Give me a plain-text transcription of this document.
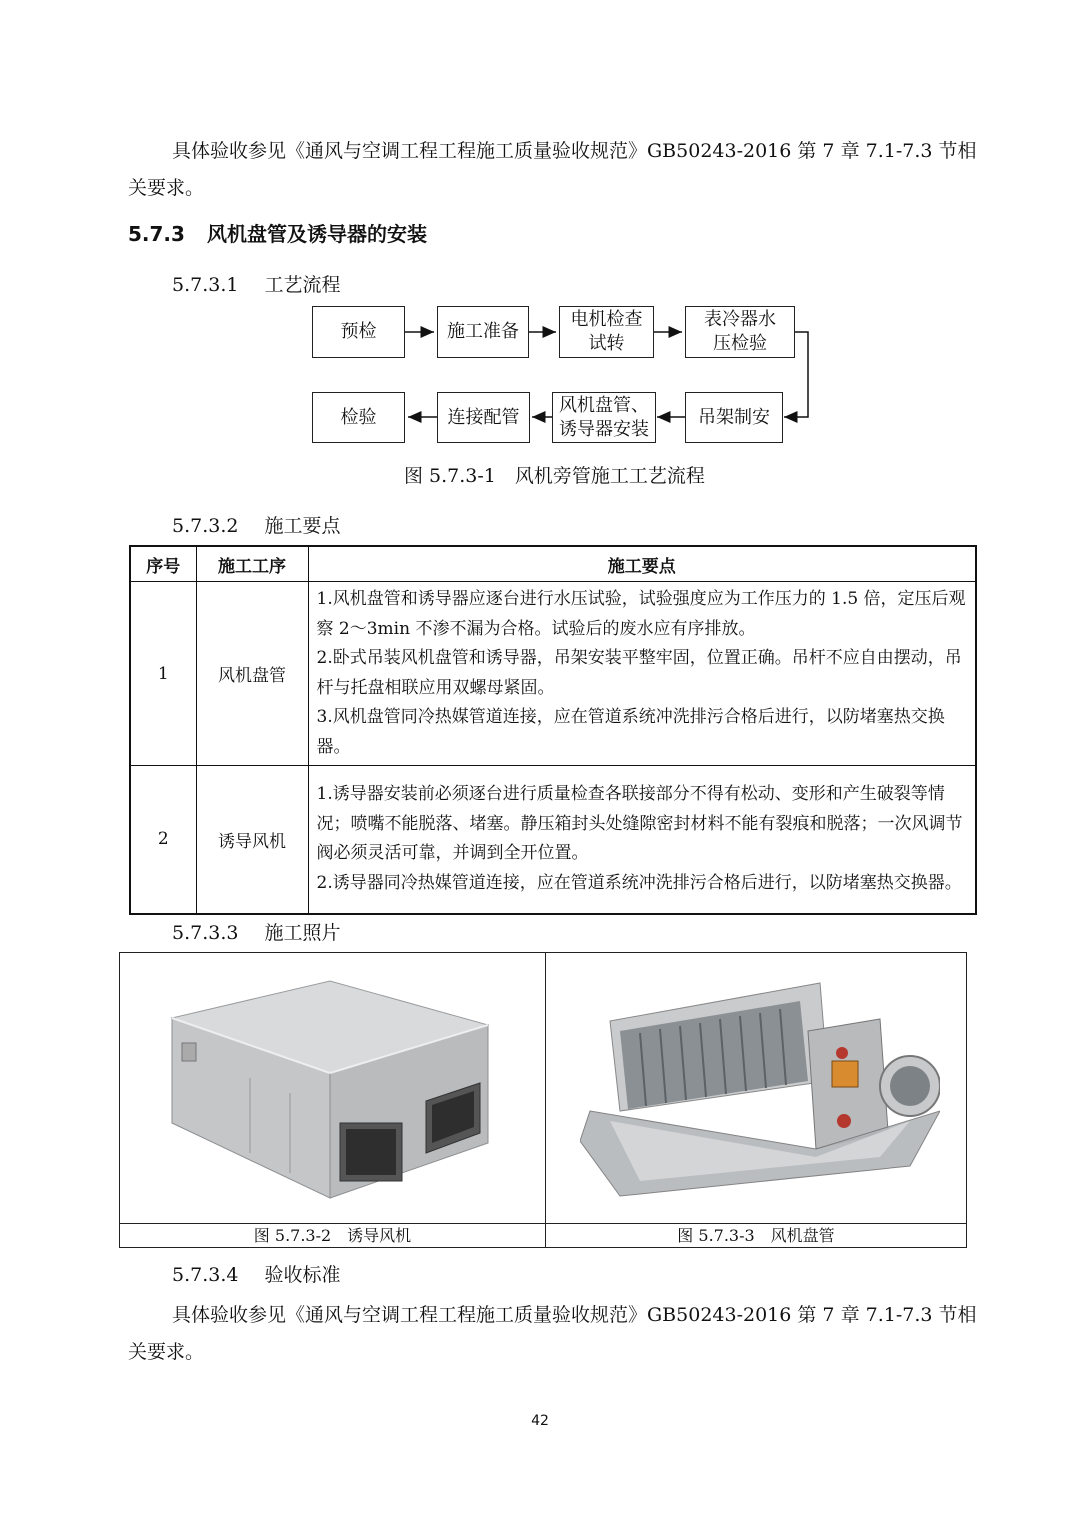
具体验收参见《通风与空调工程工程施工质量验收规范》GB50243-2016 第 7 章 7.1-7.3 节相关要求。
5.7.3 风机盘管及诱导器的安装
5.7.3.1 工艺流程
预检	施工准备
电机检查试转
表冷器水压检验
检验	连接配管
风机盘管、诱导器安装
吊架制安
图 5.7.3-1　风机旁管施工工艺流程
5.7.3.2 施工要点
序号	施工工序	施工要点
1	风机盘管	1.风机盘管和诱导器应逐台进行水压试验，试验强度应为工作压力的 1.5 倍，定压后观察 2～3min 不渗不漏为合格。试验后的废水应有序排放。

2.卧式吊装风机盘管和诱导器，吊架安装平整牢固，位置正确。吊杆不应自由摆动，吊杆与托盘相联应用双螺母紧固。

3.风机盘管同冷热媒管道连接，应在管道系统冲洗排污合格后进行，以防堵塞热交换器。

2	诱导风机	1.诱导器安装前必须逐台进行质量检查各联接部分不得有松动、变形和产生破裂等情况；喷嘴不能脱落、堵塞。静压箱封头处缝隙密封材料不能有裂痕和脱落；一次风调节阀必须灵活可靠，并调到全开位置。

2.诱导器同冷热媒管道连接，应在管道系统冲洗排污合格后进行，以防堵塞热交换器。

5.7.3.3 施工照片
图 5.7.3-2　诱导风机	图 5.7.3-3　风机盘管
5.7.3.4 验收标准
具体验收参见《通风与空调工程工程施工质量验收规范》GB50243-2016 第 7 章 7.1-7.3 节相关要求。
42
